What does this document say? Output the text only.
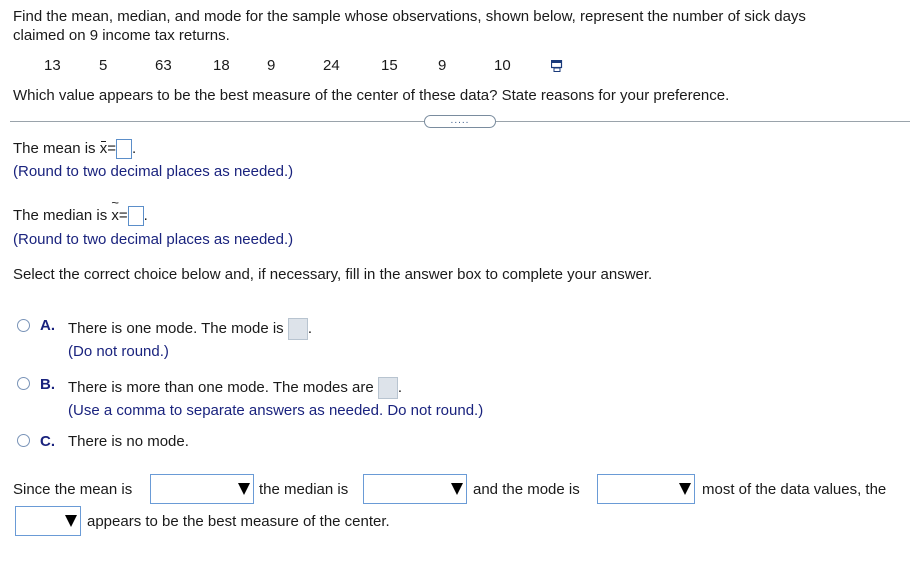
Find the mean, median, and mode for the sample whose observations, shown below, represent the number of sick days
claimed on 9 income tax returns.
13	5	63	18 9	24	15	9	10
Which value appears to be the best measure of the center of these data? State reasons for your preference.
.....
The mean is x= .
(Round to two decimal places as needed.)
The median is
~
x= .
(Round to two decimal places as needed.)
Select the correct choice below and, if necessary, fill in the answer box to complete your answer.
A. There is one mode. The mode is .
(Do not round.)
B. There is more than one mode. The modes are .
(Use a comma to separate answers as needed. Do not round.)
C. There is no mode.
Since the mean is	the median is	and the mode is	most of the data values, the
appears to be the best measure of the center.
